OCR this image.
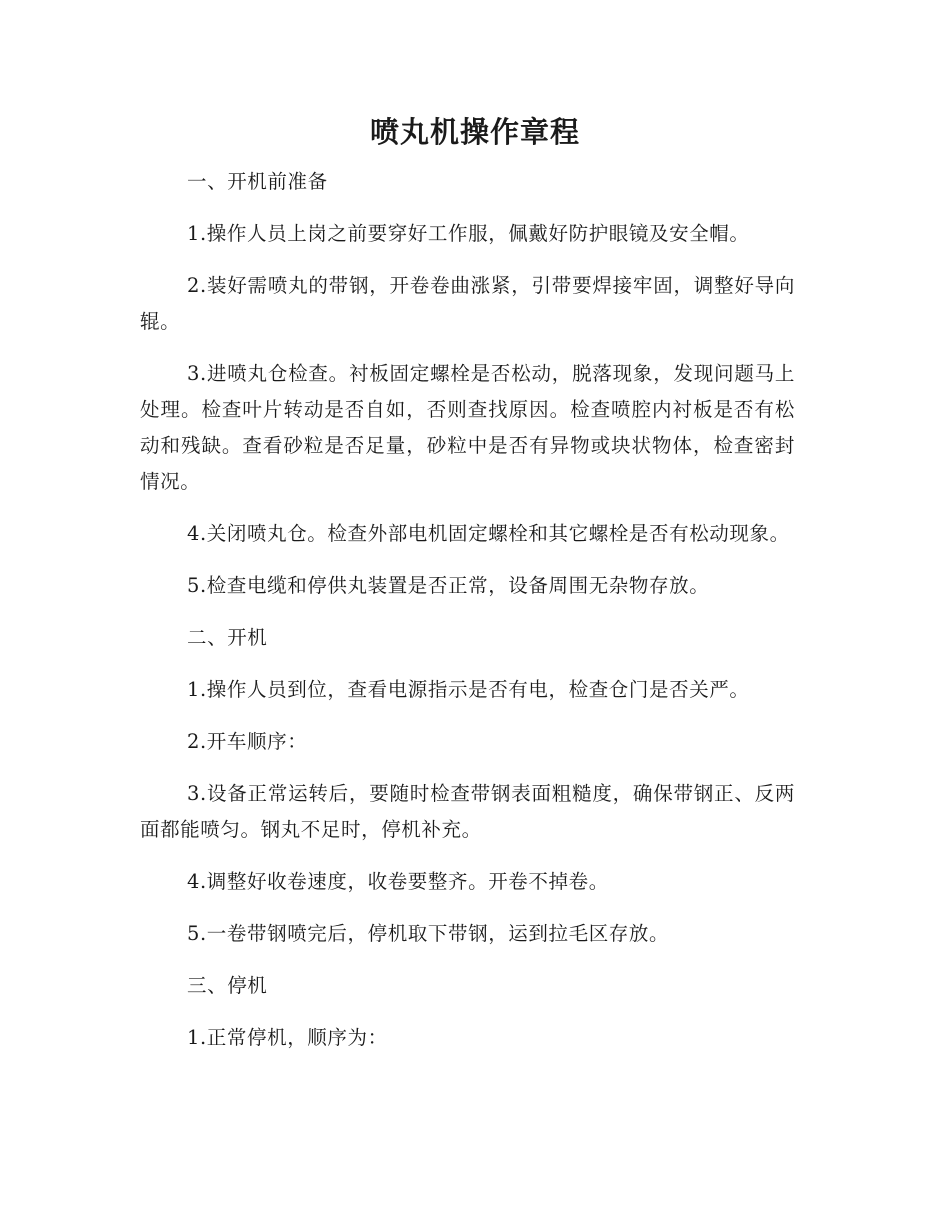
喷丸机操作章程

一、开机前准备

1.操作人员上岗之前要穿好工作服，佩戴好防护眼镜及安全帽。

2.装好需喷丸的带钢，开卷卷曲涨紧，引带要焊接牢固，调整好导向辊。

3.进喷丸仓检查。衬板固定螺栓是否松动，脱落现象，发现问题马上处理。检查叶片转动是否自如，否则查找原因。检查喷腔内衬板是否有松动和残缺。查看砂粒是否足量，砂粒中是否有异物或块状物体，检查密封情况。

4.关闭喷丸仓。检查外部电机固定螺栓和其它螺栓是否有松动现象。

5.检查电缆和停供丸装置是否正常，设备周围无杂物存放。

二、开机

1.操作人员到位，查看电源指示是否有电，检查仓门是否关严。

2.开车顺序：

3.设备正常运转后，要随时检查带钢表面粗糙度，确保带钢正、反两面都能喷匀。钢丸不足时，停机补充。

4.调整好收卷速度，收卷要整齐。开卷不掉卷。

5.一卷带钢喷完后，停机取下带钢，运到拉毛区存放。

三、停机

1.正常停机，顺序为：
